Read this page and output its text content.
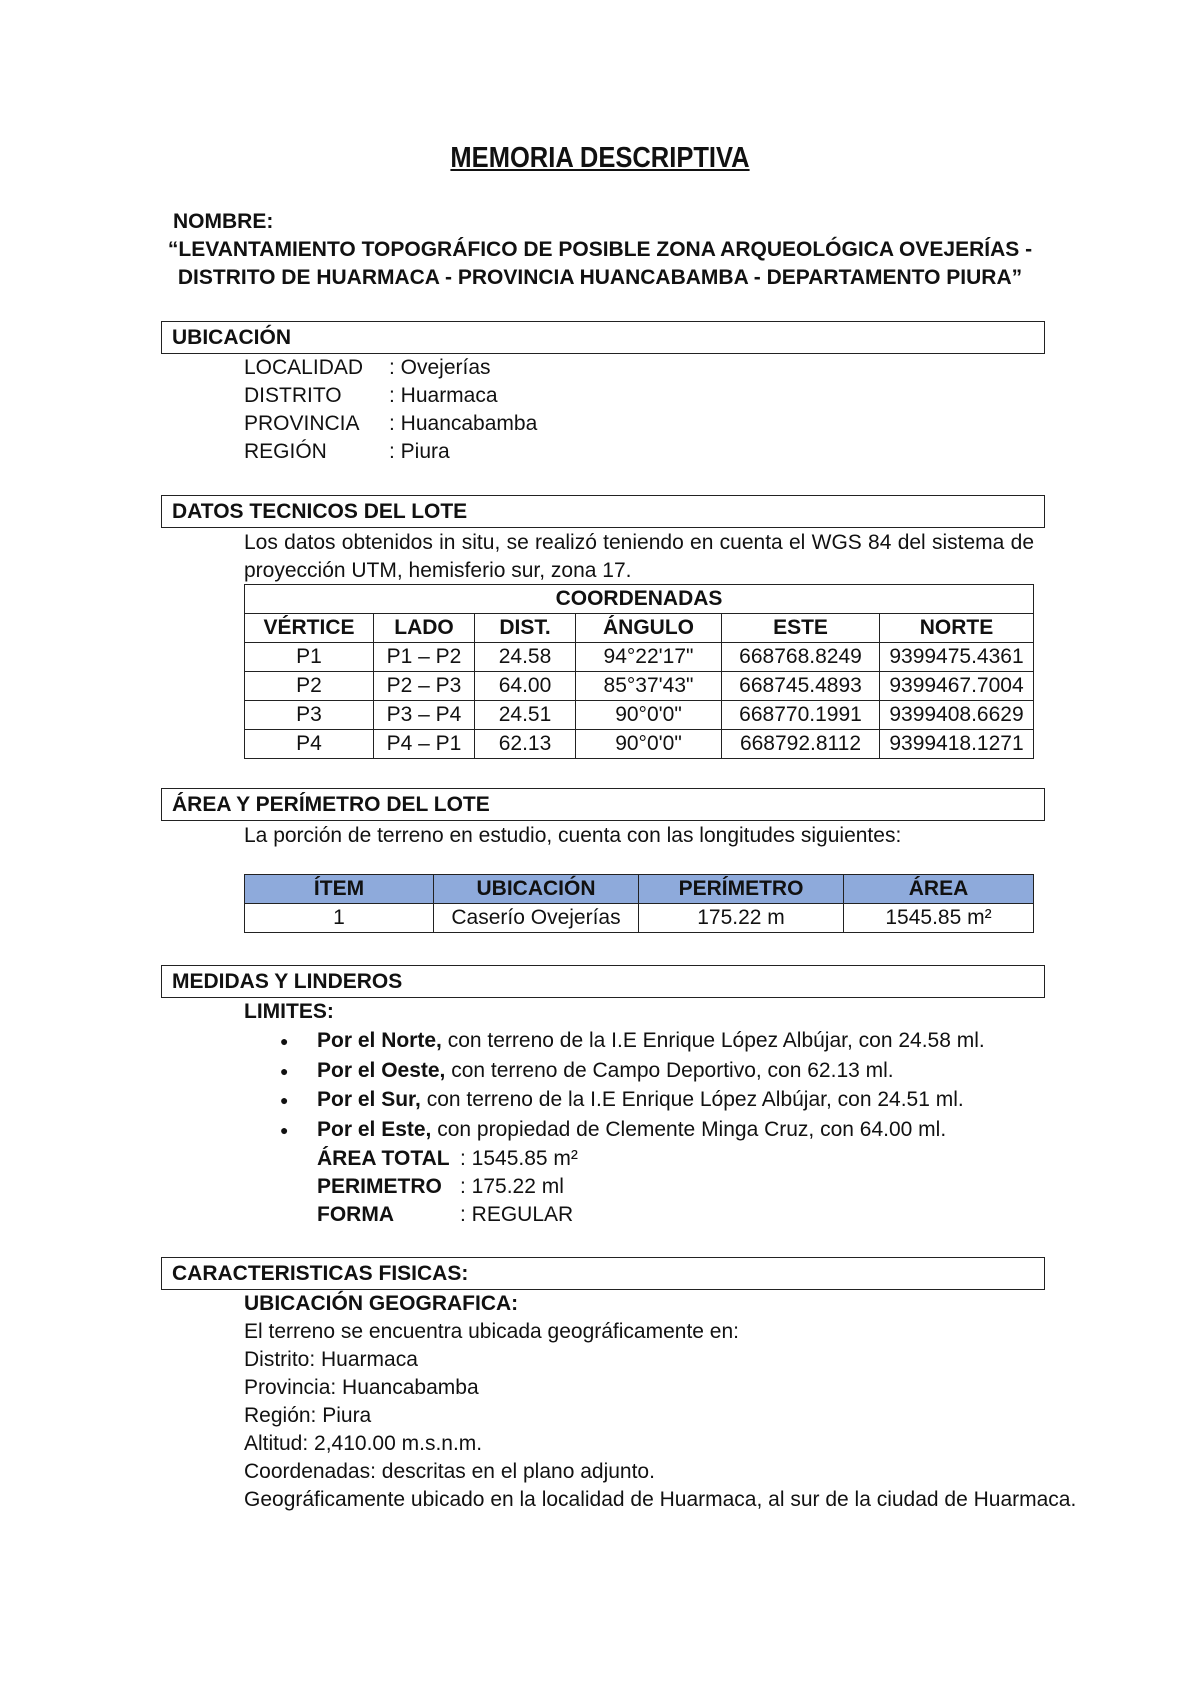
MEMORIA DESCRIPTIVA
NOMBRE:
“LEVANTAMIENTO TOPOGRÁFICO DE POSIBLE ZONA ARQUEOLÓGICA OVEJERÍAS -
DISTRITO DE HUARMACA - PROVINCIA HUANCABAMBA - DEPARTAMENTO PIURA”
UBICACIÓN
LOCALIDAD : Ovejerías
DISTRITO : Huarmaca
PROVINCIA : Huancabamba
REGIÓN	: Piura
DATOS TECNICOS DEL LOTE
Los datos obtenidos in situ, se realizó teniendo en cuenta el WGS 84 del sistema de
proyección UTM, hemisferio sur, zona 17.
COORDENADAS					
VÉRTICE	LADO	DIST.	ÁNGULO	ESTE	NORTE
P1	P1 – P2	24.58	94°22'17"	668768.8249	9399475.4361
P2	P2 – P3	64.00	85°37'43"	668745.4893	9399467.7004
P3	P3 – P4	24.51	90°0'0"	668770.1991	9399408.6629
P4	P4 – P1	62.13	90°0'0"	668792.8112	9399418.1271
ÁREA Y PERÍMETRO DEL LOTE
La porción de terreno en estudio, cuenta con las longitudes siguientes:
ÍTEM	UBICACIÓN	PERÍMETRO	ÁREA
1	Caserío Ovejerías	175.22 m	1545.85 m²
MEDIDAS Y LINDEROS
LIMITES:
● Por el Norte, con terreno de la I.E Enrique López Albújar, con 24.58 ml.
● Por el Oeste, con terreno de Campo Deportivo, con 62.13 ml.
● Por el Sur, con terreno de la I.E Enrique López Albújar, con 24.51 ml.
● Por el Este, con propiedad de Clemente Minga Cruz, con 64.00 ml.
ÁREA TOTAL : 1545.85 m²
PERIMETRO : 175.22 ml
FORMA	: REGULAR
CARACTERISTICAS FISICAS:
UBICACIÓN GEOGRAFICA:
El terreno se encuentra ubicada geográficamente en:
Distrito: Huarmaca
Provincia: Huancabamba
Región: Piura
Altitud: 2,410.00 m.s.n.m.
Coordenadas: descritas en el plano adjunto.
Geográficamente ubicado en la localidad de Huarmaca, al sur de la ciudad de Huarmaca.
